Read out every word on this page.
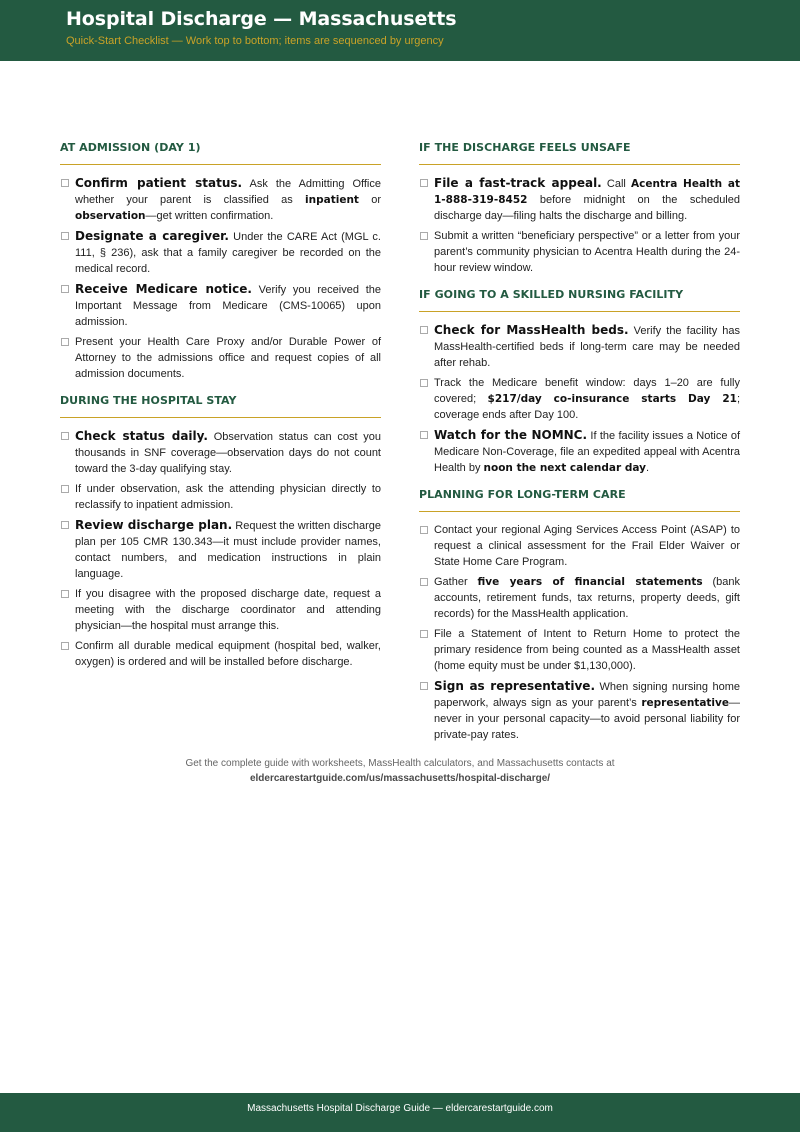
Hospital Discharge — Massachusetts
Quick-Start Checklist — Work top to bottom; items are sequenced by urgency
AT ADMISSION (DAY 1)
Confirm patient status. Ask the Admitting Office whether your parent is classified as inpatient or observation—get written confirmation.
Designate a caregiver. Under the CARE Act (MGL c. 111, § 236), ask that a family caregiver be recorded on the medical record.
Receive Medicare notice. Verify you received the Important Message from Medicare (CMS-10065) upon admission.
Present your Health Care Proxy and/or Durable Power of Attorney to the admissions office and request copies of all admission documents.
DURING THE HOSPITAL STAY
Check status daily. Observation status can cost you thousands in SNF coverage—observation days do not count toward the 3-day qualifying stay.
If under observation, ask the attending physician directly to reclassify to inpatient admission.
Review discharge plan. Request the written discharge plan per 105 CMR 130.343—it must include provider names, contact numbers, and medication instructions in plain language.
If you disagree with the proposed discharge date, request a meeting with the discharge coordinator and attending physician—the hospital must arrange this.
Confirm all durable medical equipment (hospital bed, walker, oxygen) is ordered and will be installed before discharge.
IF THE DISCHARGE FEELS UNSAFE
File a fast-track appeal. Call Acentra Health at 1-888-319-8452 before midnight on the scheduled discharge day—filing halts the discharge and billing.
Submit a written “beneficiary perspective” or a letter from your parent’s community physician to Acentra Health during the 24-hour review window.
IF GOING TO A SKILLED NURSING FACILITY
Check for MassHealth beds. Verify the facility has MassHealth-certified beds if long-term care may be needed after rehab.
Track the Medicare benefit window: days 1–20 are fully covered; $217/day co-insurance starts Day 21; coverage ends after Day 100.
Watch for the NOMNC. If the facility issues a Notice of Medicare Non-Coverage, file an expedited appeal with Acentra Health by noon the next calendar day.
PLANNING FOR LONG-TERM CARE
Contact your regional Aging Services Access Point (ASAP) to request a clinical assessment for the Frail Elder Waiver or State Home Care Program.
Gather five years of financial statements (bank accounts, retirement funds, tax returns, property deeds, gift records) for the MassHealth application.
File a Statement of Intent to Return Home to protect the primary residence from being counted as a MassHealth asset (home equity must be under $1,130,000).
Sign as representative. When signing nursing home paperwork, always sign as your parent’s representative—never in your personal capacity—to avoid personal liability for private-pay rates.
Get the complete guide with worksheets, MassHealth calculators, and Massachusetts contacts at
eldercarestartguide.com/us/massachusetts/hospital-discharge/
Massachusetts Hospital Discharge Guide — eldercarestartguide.com
